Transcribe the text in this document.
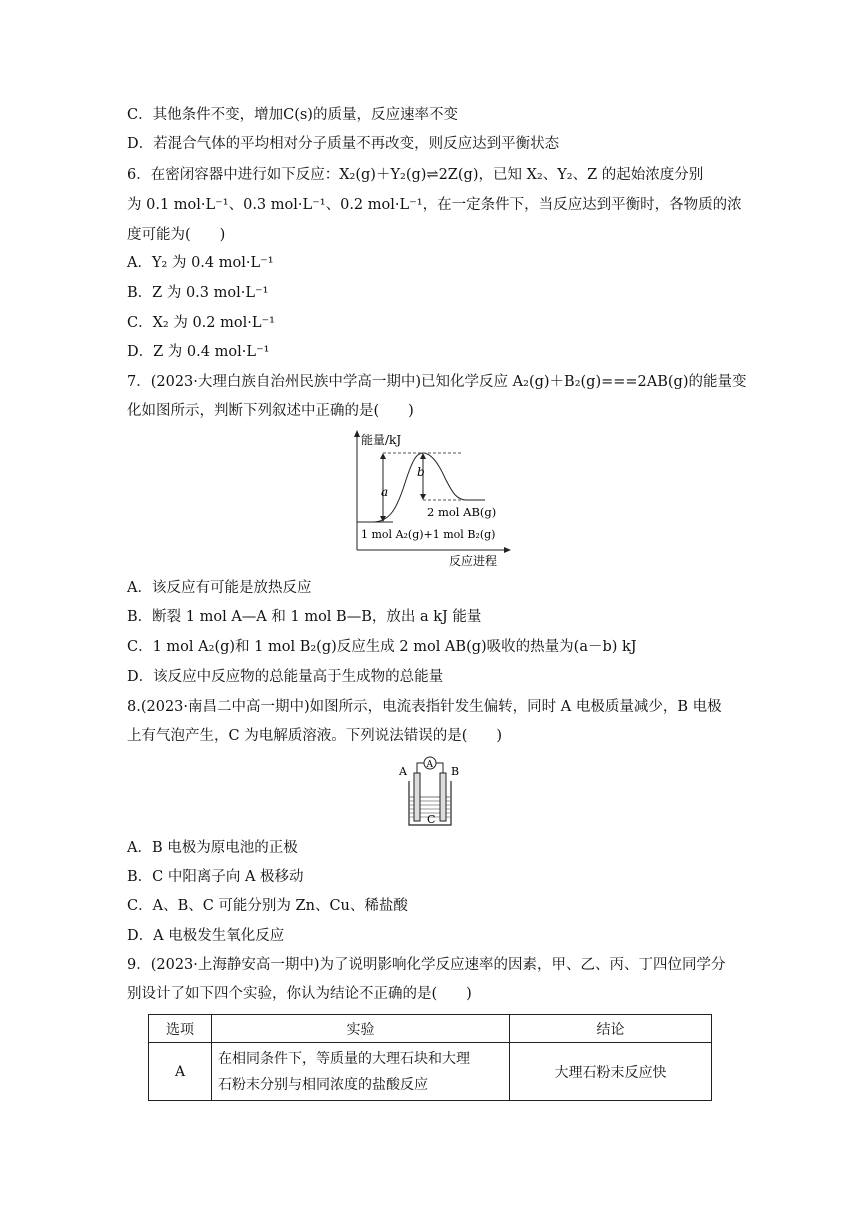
C．其他条件不变，增加C(s)的质量，反应速率不变
D．若混合气体的平均相对分子质量不再改变，则反应达到平衡状态
6．在密闭容器中进行如下反应：X₂(g)＋Y₂(g)⇌2Z(g)，已知 X₂、Y₂、Z 的起始浓度分别
为 0.1 mol·L⁻¹、0.3 mol·L⁻¹、0.2 mol·L⁻¹，在一定条件下，当反应达到平衡时，各物质的浓
度可能为(　　)
A．Y₂ 为 0.4 mol·L⁻¹
B．Z 为 0.3 mol·L⁻¹
C．X₂ 为 0.2 mol·L⁻¹
D．Z 为 0.4 mol·L⁻¹
7．(2023·大理白族自治州民族中学高一期中)已知化学反应 A₂(g)＋B₂(g)===2AB(g)的能量变
化如图所示，判断下列叙述中正确的是(　　)
A．该反应有可能是放热反应
B．断裂 1 mol A—A 和 1 mol B—B，放出 a kJ 能量
C．1 mol A₂(g)和 1 mol B₂(g)反应生成 2 mol AB(g)吸收的热量为(a－b) kJ
D．该反应中反应物的总能量高于生成物的总能量
8.(2023·南昌二中高一期中)如图所示，电流表指针发生偏转，同时 A 电极质量减少，B 电极
上有气泡产生，C 为电解质溶液。下列说法错误的是(　　)
A．B 电极为原电池的正极
B．C 中阳离子向 A 极移动
C．A、B、C 可能分别为 Zn、Cu、稀盐酸
D．A 电极发生氧化反应
9．(2023·上海静安高一期中)为了说明影响化学反应速率的因素，甲、乙、丙、丁四位同学分
别设计了如下四个实验，你认为结论不正确的是(　　)
能量/kJ
a
b
2 mol AB(g)
1 mol A₂(g)+1 mol B₂(g)
反应进程
A
A	B
C
选项	实验	结论
A	在相同条件下，等质量的大理石块和大理
石粉末分别与相同浓度的盐酸反应	大理石粉末反应快
